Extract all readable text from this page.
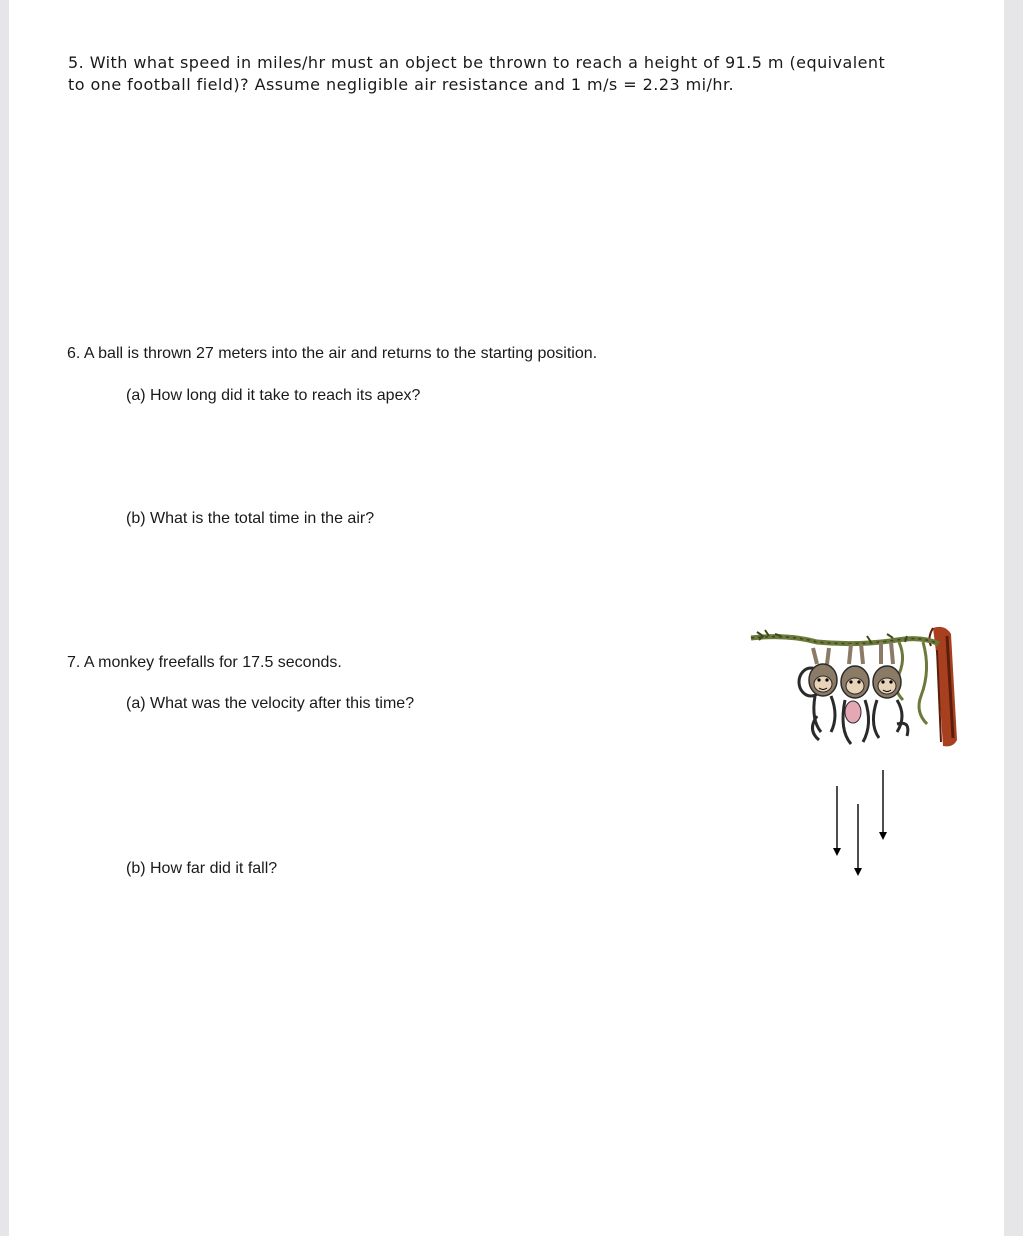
5. With what speed in miles/hr must an object be thrown to reach a height of 91.5 m (equivalent
to one football field)? Assume negligible air resistance and 1 m/s = 2.23 mi/hr.
6. A ball is thrown 27 meters into the air and returns to the starting position.
(a) How long did it take to reach its apex?
(b) What is the total time in the air?
7. A monkey freefalls for 17.5 seconds.
(a) What was the velocity after this time?
(b) How far did it fall?
